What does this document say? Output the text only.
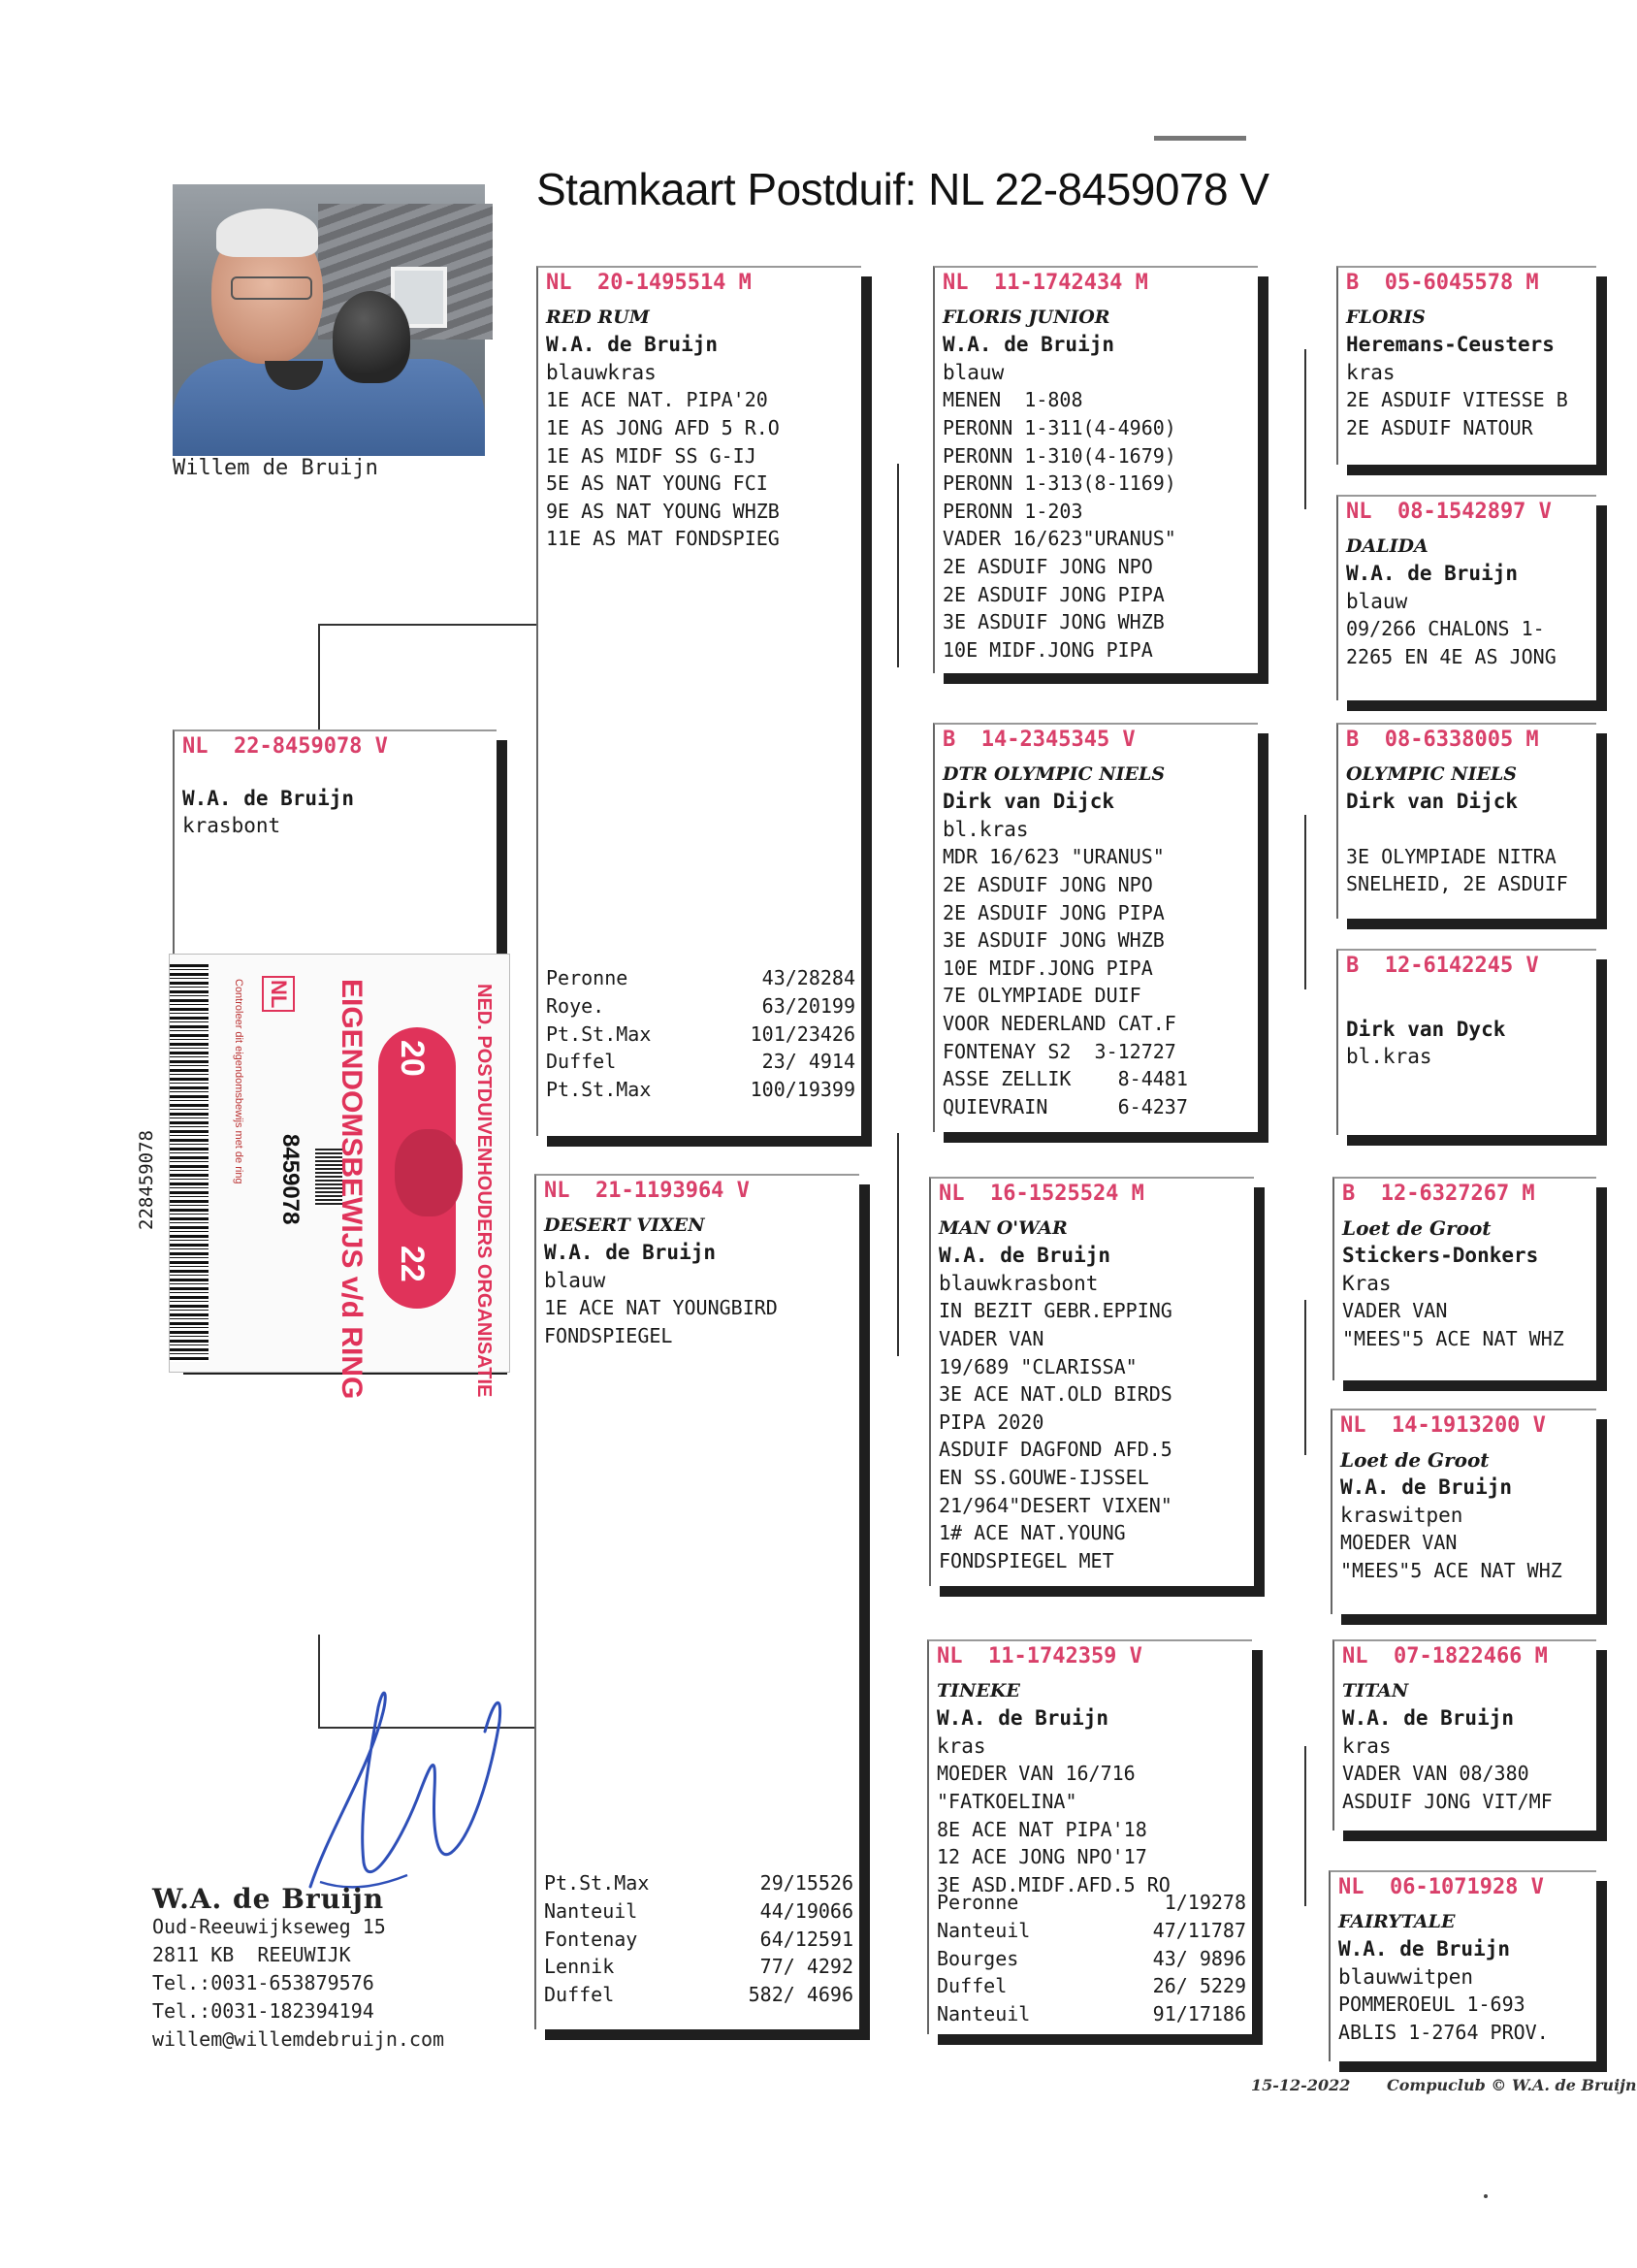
Stamkaart Postduif: NL 22-8459078 V
Willem de Bruijn
NL  22-8459078 V
W.A. de Bruijn
krasbont
NED. POSTDUIVENHOUDERS ORGANISATIE
EIGENDOMSBEWIJS v/d RING 20
22
NL
8459078
Controleer dit eigendomsbewijs met de ring
228459078
NL  20-1495514 M
RED RUM
W.A. de Bruijn
blauwkras
1E ACE NAT. PIPA'20
1E AS JONG AFD 5 R.O
1E AS MIDF SS G-IJ
5E AS NAT YOUNG FCI
9E AS NAT YOUNG WHZB
11E AS MAT FONDSPIEG
Peronne	43/28284
Roye.	63/20199
Pt.St.Max	101/23426
Duffel	23/ 4914
Pt.St.Max	100/19399
NL  21-1193964 V
DESERT VIXEN
W.A. de Bruijn
blauw
1E ACE NAT YOUNGBIRD
FONDSPIEGEL
Pt.St.Max	29/15526
Nanteuil	44/19066
Fontenay	64/12591
Lennik	77/ 4292
Duffel	582/ 4696
NL  11-1742434 M
FLORIS JUNIOR
W.A. de Bruijn
blauw
MENEN  1-808
PERONN 1-311(4-4960)
PERONN 1-310(4-1679)
PERONN 1-313(8-1169)
PERONN 1-203
VADER 16/623"URANUS"
2E ASDUIF JONG NPO
2E ASDUIF JONG PIPA
3E ASDUIF JONG WHZB
10E MIDF.JONG PIPA
B  14-2345345 V
DTR OLYMPIC NIELS
Dirk van Dijck
bl.kras
MDR 16/623 "URANUS"
2E ASDUIF JONG NPO
2E ASDUIF JONG PIPA
3E ASDUIF JONG WHZB
10E MIDF.JONG PIPA
7E OLYMPIADE DUIF
VOOR NEDERLAND CAT.F
FONTENAY S2  3-12727
ASSE ZELLIK    8-4481
QUIEVRAIN      6-4237
NL  16-1525524 M
MAN O'WAR
W.A. de Bruijn
blauwkrasbont
IN BEZIT GEBR.EPPING
VADER VAN
19/689 "CLARISSA"
3E ACE NAT.OLD BIRDS
PIPA 2020
ASDUIF DAGFOND AFD.5
EN SS.GOUWE-IJSSEL
21/964"DESERT VIXEN"
1# ACE NAT.YOUNG
FONDSPIEGEL MET
NL  11-1742359 V
TINEKE
W.A. de Bruijn
kras
MOEDER VAN 16/716
"FATKOELINA"
8E ACE NAT PIPA'18
12 ACE JONG NPO'17
3E ASD.MIDF.AFD.5 RO
Peronne	1/19278
Nanteuil	47/11787
Bourges	43/ 9896
Duffel	26/ 5229
Nanteuil	91/17186
B  05-6045578 M
FLORIS
Heremans-Ceusters
kras
2E ASDUIF VITESSE B
2E ASDUIF NATOUR
NL  08-1542897 V
DALIDA
W.A. de Bruijn
blauw
09/266 CHALONS 1-
2265 EN 4E AS JONG
B  08-6338005 M
OLYMPIC NIELS
Dirk van Dijck
3E OLYMPIADE NITRA
SNELHEID, 2E ASDUIF
B  12-6142245 V
Dirk van Dyck
bl.kras
B  12-6327267 M
Loet de Groot
Stickers-Donkers
Kras
VADER VAN
"MEES"5 ACE NAT WHZ
NL  14-1913200 V
Loet de Groot
W.A. de Bruijn
kraswitpen
MOEDER VAN
"MEES"5 ACE NAT WHZ
NL  07-1822466 M
TITAN
W.A. de Bruijn
kras
VADER VAN 08/380
ASDUIF JONG VIT/MF
NL  06-1071928 V
FAIRYTALE
W.A. de Bruijn
blauwwitpen
POMMEROEUL 1-693
ABLIS 1-2764 PROV.
W.A. de Bruijn
Oud-Reeuwijkseweg 15
2811 KB  REEUWIJK
Tel.:0031-653879576
Tel.:0031-182394194
willem@willemdebruijn.com
15-12-2022 Compuclub © W.A. de Bruijn
